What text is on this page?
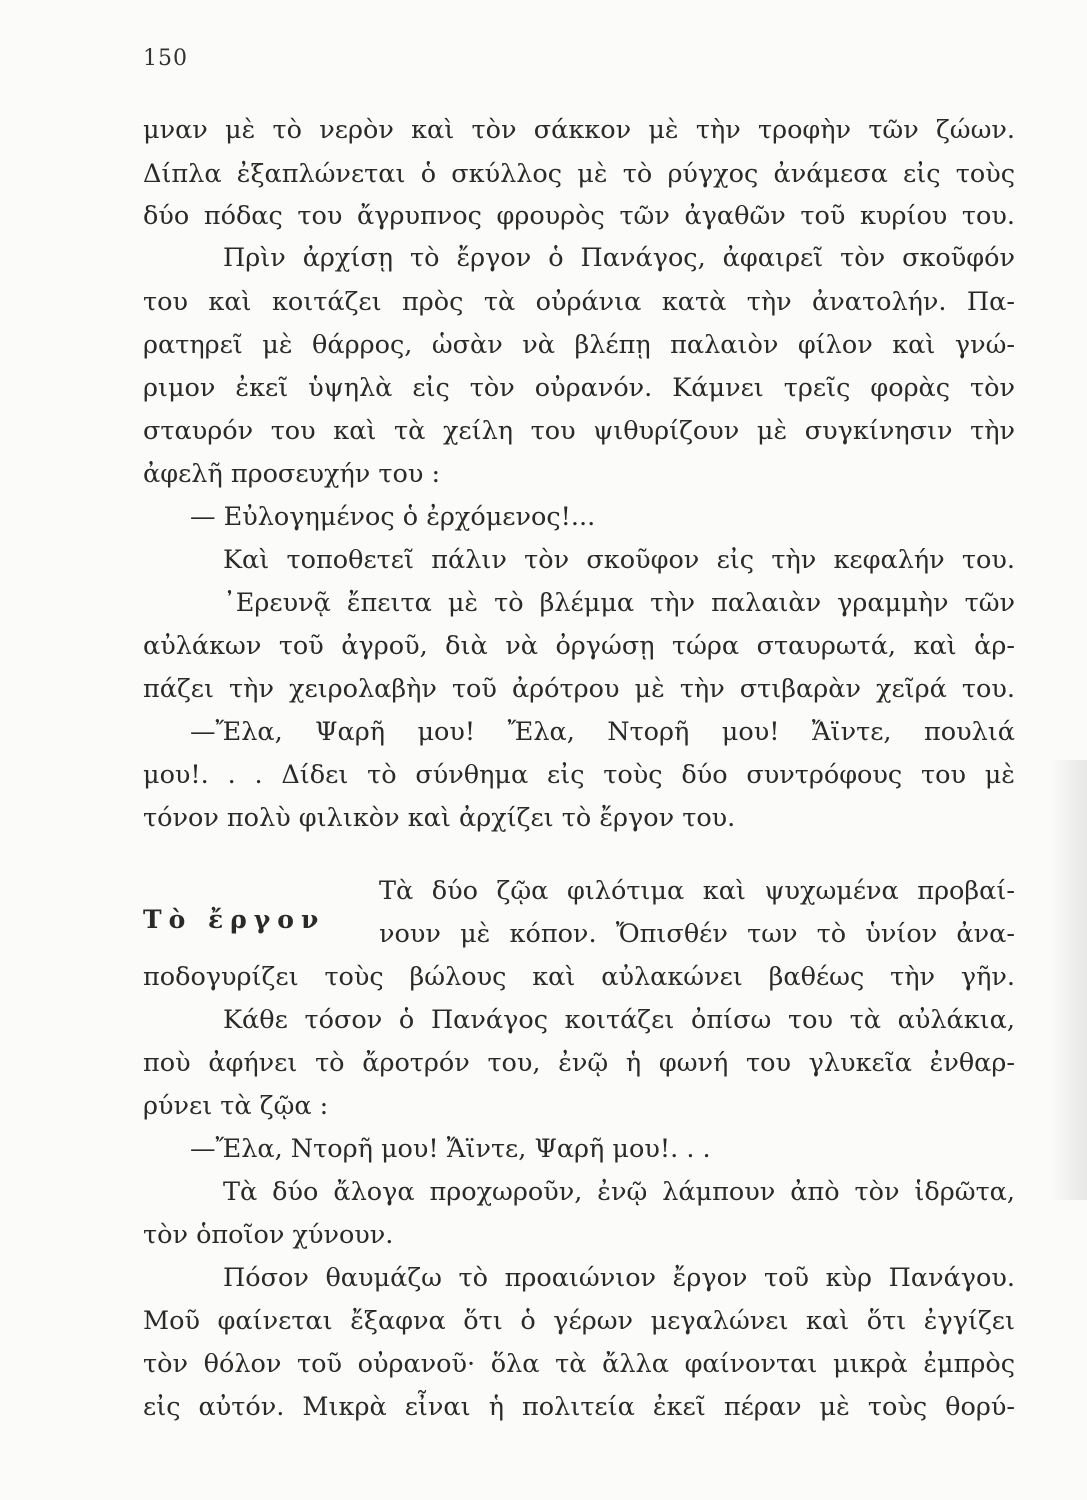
150
μναν μὲ τὸ νερὸν καὶ τὸν σάκκον μὲ τὴν τροφὴν τῶν ζώων.
Δίπλα ἐξαπλώνεται ὁ σκύλλος μὲ τὸ ρύγχος ἀνάμεσα εἰς τοὺς
δύο πόδας του ἄγρυπνος φρουρὸς τῶν ἀγαθῶν τοῦ κυρίου του.
Πρὶν ἀρχίσῃ τὸ ἔργον ὁ Πανάγος, ἀφαιρεῖ τὸν σκοῦφόν
του καὶ κοιτάζει πρὸς τὰ οὐράνια κατὰ τὴν ἀνατολήν. Πα-
ρατηρεῖ μὲ θάρρος, ὡσὰν νὰ βλέπῃ παλαιὸν φίλον καὶ γνώ-
ριμον ἐκεῖ ὑψηλὰ εἰς τὸν οὐρανόν. Κάμνει τρεῖς φορὰς τὸν
σταυρόν του καὶ τὰ χείλη του ψιθυρίζουν μὲ συγκίνησιν τὴν
ἀφελῆ προσευχήν του :
— Εὐλογημένος ὁ ἐρχόμενος!...
Καὶ τοποθετεῖ πάλιν τὸν σκοῦφον εἰς τὴν κεφαλήν του.
᾿Ερευνᾷ ἔπειτα μὲ τὸ βλέμμα τὴν παλαιὰν γραμμὴν τῶν
αὐλάκων τοῦ ἀγροῦ, διὰ νὰ ὀργώσῃ τώρα σταυρωτά, καὶ ἁρ-
πάζει τὴν χειρολαβὴν τοῦ ἀρότρου μὲ τὴν στιβαρὰν χεῖρά του.
—Ἔλα, Ψαρῆ μου! Ἔλα, Ντορῆ μου! Ἄϊντε, πουλιά
μου!. . . Δίδει τὸ σύνθημα εἰς τοὺς δύο συντρόφους του μὲ
τόνον πολὺ φιλικὸν καὶ ἀρχίζει τὸ ἔργον του.
Τὸ ἔργον
Τὰ δύο ζῷα φιλότιμα καὶ ψυχωμένα προβαί-
νουν μὲ κόπον. Ὄπισθέν των τὸ ὑνίον ἀνα-
ποδογυρίζει τοὺς βώλους καὶ αὐλακώνει βαθέως τὴν γῆν.
Κάθε τόσον ὁ Πανάγος κοιτάζει ὀπίσω του τὰ αὐλάκια,
ποὺ ἀφήνει τὸ ἄροτρόν του, ἐνῷ ἡ φωνή του γλυκεῖα ἐνθαρ-
ρύνει τὰ ζῷα :
—Ἔλα, Ντορῆ μου! Ἄϊντε, Ψαρῆ μου!. . .
Τὰ δύο ἄλογα προχωροῦν, ἐνῷ λάμπουν ἀπὸ τὸν ἱδρῶτα,
τὸν ὁποῖον χύνουν.
Πόσον θαυμάζω τὸ προαιώνιον ἔργον τοῦ κὺρ Πανάγου.
Μοῦ φαίνεται ἔξαφνα ὅτι ὁ γέρων μεγαλώνει καὶ ὅτι ἐγγίζει
τὸν θόλον τοῦ οὐρανοῦ· ὅλα τὰ ἄλλα φαίνονται μικρὰ ἐμπρὸς
εἰς αὐτόν. Μικρὰ εἶναι ἡ πολιτεία ἐκεῖ πέραν μὲ τοὺς θορύ-
